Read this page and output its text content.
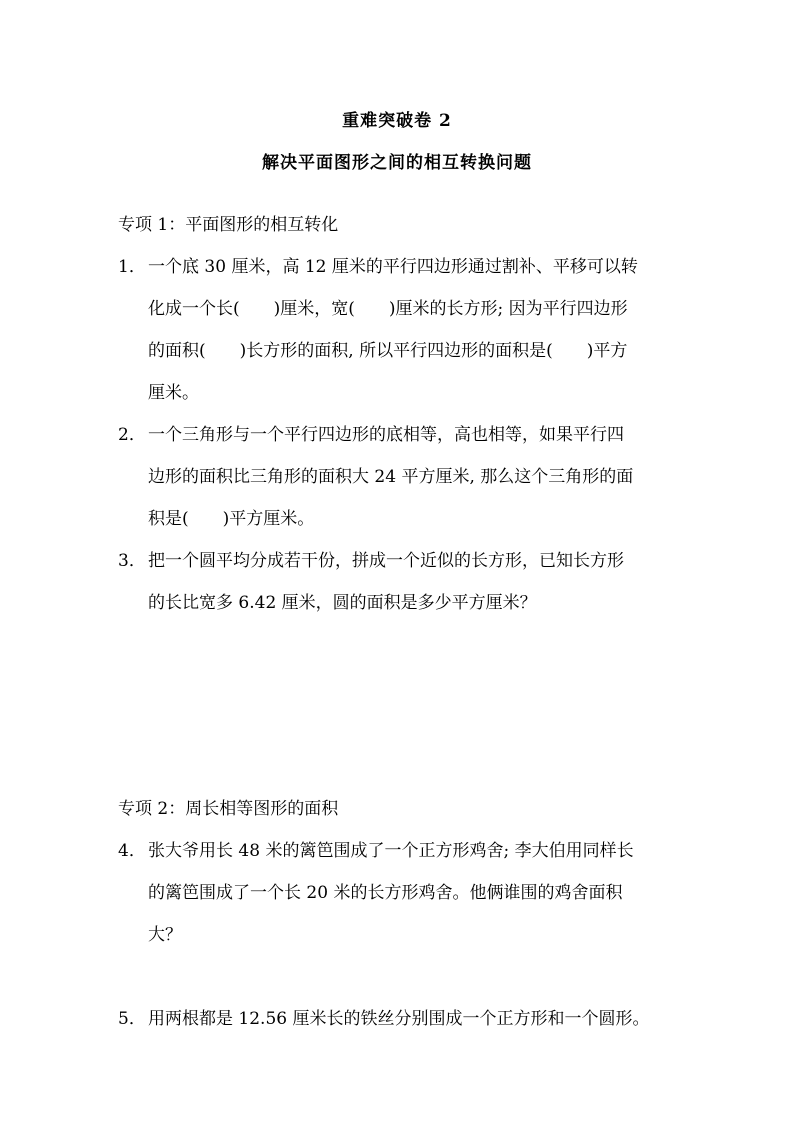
重难突破卷 2
解决平面图形之间的相互转换问题
专项 1：平面图形的相互转化
1． 一个底 30 厘米，高 12 厘米的平行四边形通过割补、平移可以转
化成一个长(　　)厘米，宽(　　)厘米的长方形; 因为平行四边形
的面积(　　)长方形的面积, 所以平行四边形的面积是(　　)平方
厘米。
2． 一个三角形与一个平行四边形的底相等，高也相等，如果平行四
边形的面积比三角形的面积大 24 平方厘米, 那么这个三角形的面
积是(　　)平方厘米。
3． 把一个圆平均分成若干份，拼成一个近似的长方形，已知长方形
的长比宽多 6.42 厘米，圆的面积是多少平方厘米？
专项 2：周长相等图形的面积
4． 张大爷用长 48 米的篱笆围成了一个正方形鸡舍; 李大伯用同样长
的篱笆围成了一个长 20 米的长方形鸡舍。他俩谁围的鸡舍面积
大？
5． 用两根都是 12.56 厘米长的铁丝分别围成一个正方形和一个圆形。
